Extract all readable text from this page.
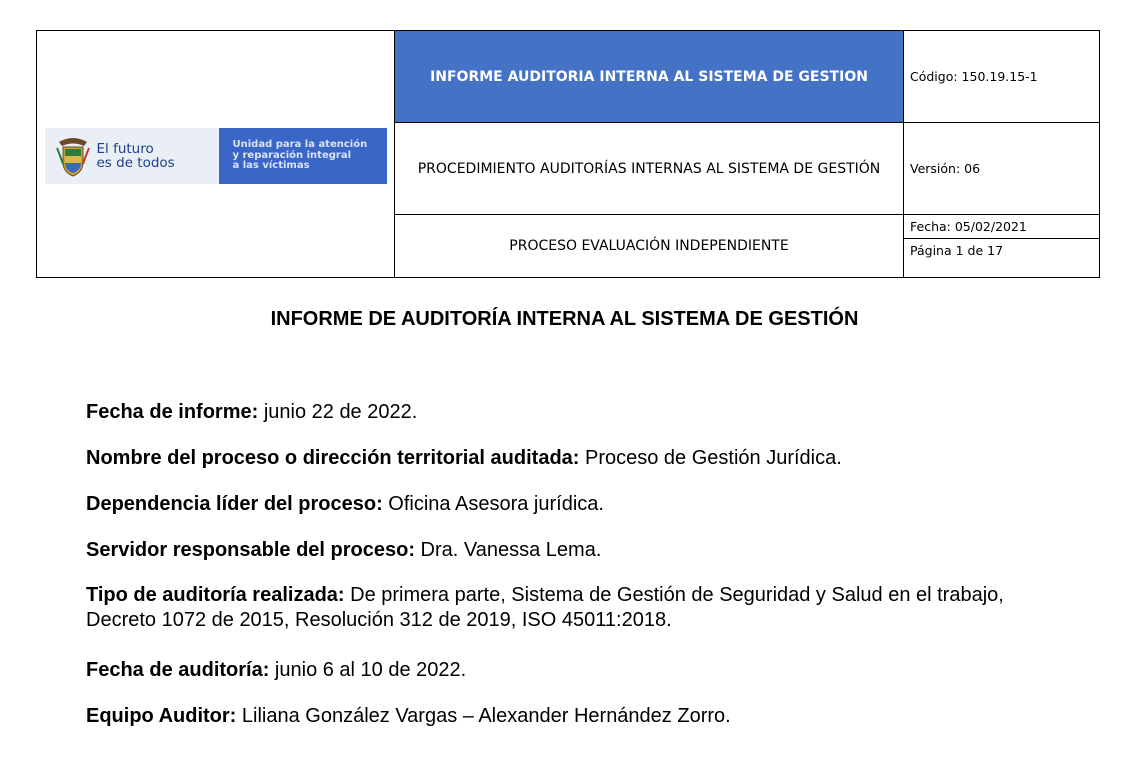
El futuro
es de todos
Unidad para la atención
y reparación integral
a las víctimas
INFORME AUDITORIA INTERNA AL SISTEMA DE GESTION
PROCEDIMIENTO AUDITORÍAS INTERNAS AL SISTEMA DE GESTIÓN
PROCESO EVALUACIÓN INDEPENDIENTE
Código: 150.19.15-1
Versión: 06
Fecha: 05/02/2021
Página 1 de 17
INFORME DE AUDITORÍA INTERNA AL SISTEMA DE GESTIÓN
Fecha de informe: junio 22 de 2022.
Nombre del proceso o dirección territorial auditada: Proceso de Gestión Jurídica.
Dependencia líder del proceso: Oficina Asesora jurídica.
Servidor responsable del proceso: Dra. Vanessa Lema.
Tipo de auditoría realizada: De primera parte, Sistema de Gestión de Seguridad y Salud en el trabajo, Decreto 1072 de 2015, Resolución 312 de 2019, ISO 45011:2018.
Fecha de auditoría: junio 6 al 10 de 2022.
Equipo Auditor: Liliana González Vargas – Alexander Hernández Zorro.
